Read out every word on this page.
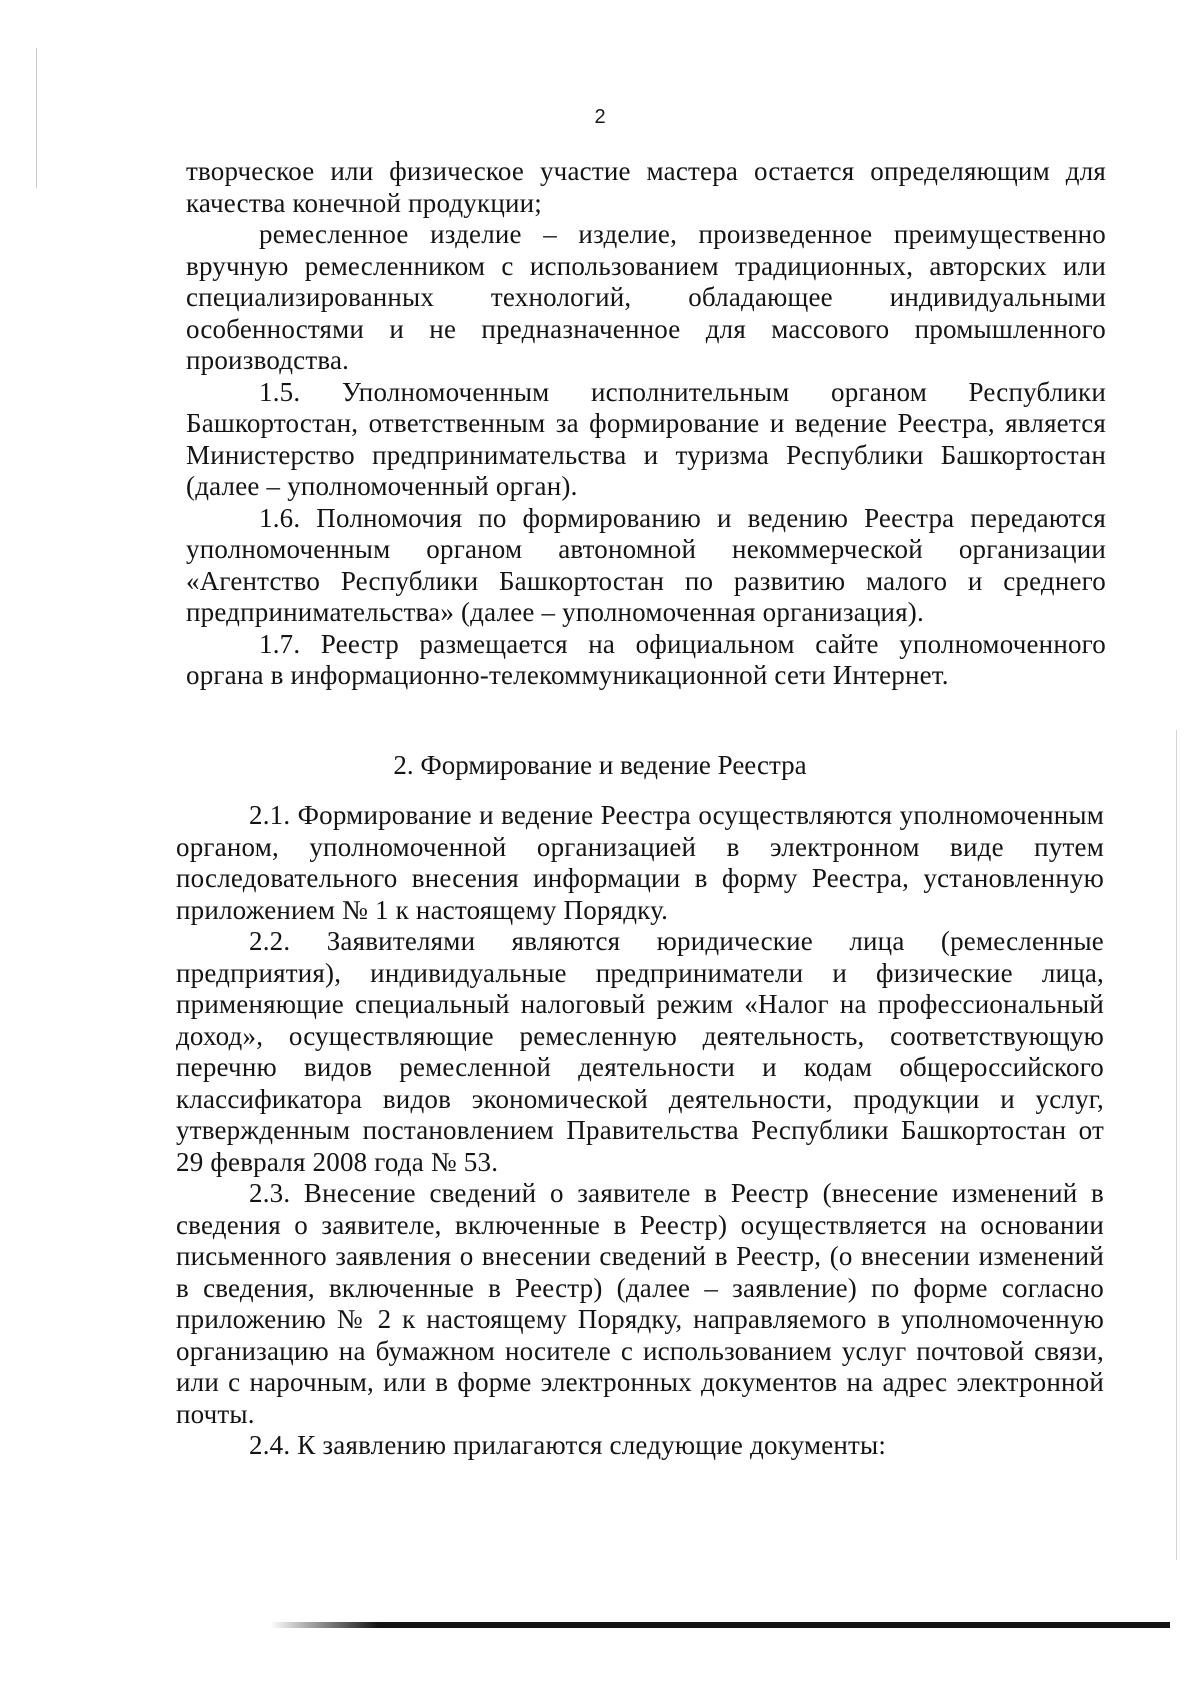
2

творческое или физическое участие мастера остается определяющим для качества конечной продукции;

ремесленное изделие – изделие, произведенное преимущественно вручную ремесленником с использованием традиционных, авторских или специализированных технологий, обладающее индивидуальными особенностями и не предназначенное для массового промышленного производства.

1.5. Уполномоченным исполнительным органом Республики Башкортостан, ответственным за формирование и ведение Реестра, является Министерство предпринимательства и туризма Республики Башкортостан (далее – уполномоченный орган).

1.6. Полномочия по формированию и ведению Реестра передаются уполномоченным органом автономной некоммерческой организации «Агентство Республики Башкортостан по развитию малого и среднего предпринимательства» (далее – уполномоченная организация).

1.7. Реестр размещается на официальном сайте уполномоченного органа в информационно-телекоммуникационной сети Интернет.

2. Формирование и ведение Реестра

2.1. Формирование и ведение Реестра осуществляются уполномоченным органом, уполномоченной организацией в электронном виде путем последовательного внесения информации в форму Реестра, установленную приложением № 1 к настоящему Порядку.

2.2. Заявителями являются юридические лица (ремесленные предприятия), индивидуальные предприниматели и физические лица, применяющие специальный налоговый режим «Налог на профессиональный доход», осуществляющие ремесленную деятельность, соответствующую перечню видов ремесленной деятельности и кодам общероссийского классификатора видов экономической деятельности, продукции и услуг, утвержденным постановлением Правительства Республики Башкортостан от 29 февраля 2008 года № 53.

2.3. Внесение сведений о заявителе в Реестр (внесение изменений в сведения о заявителе, включенные в Реестр) осуществляется на основании письменного заявления о внесении сведений в Реестр, (о внесении изменений в сведения, включенные в Реестр) (далее – заявление) по форме согласно приложению № 2 к настоящему Порядку, направляемого в уполномоченную организацию на бумажном носителе с использованием услуг почтовой связи, или с нарочным, или в форме электронных документов на адрес электронной почты.

2.4. К заявлению прилагаются следующие документы:
